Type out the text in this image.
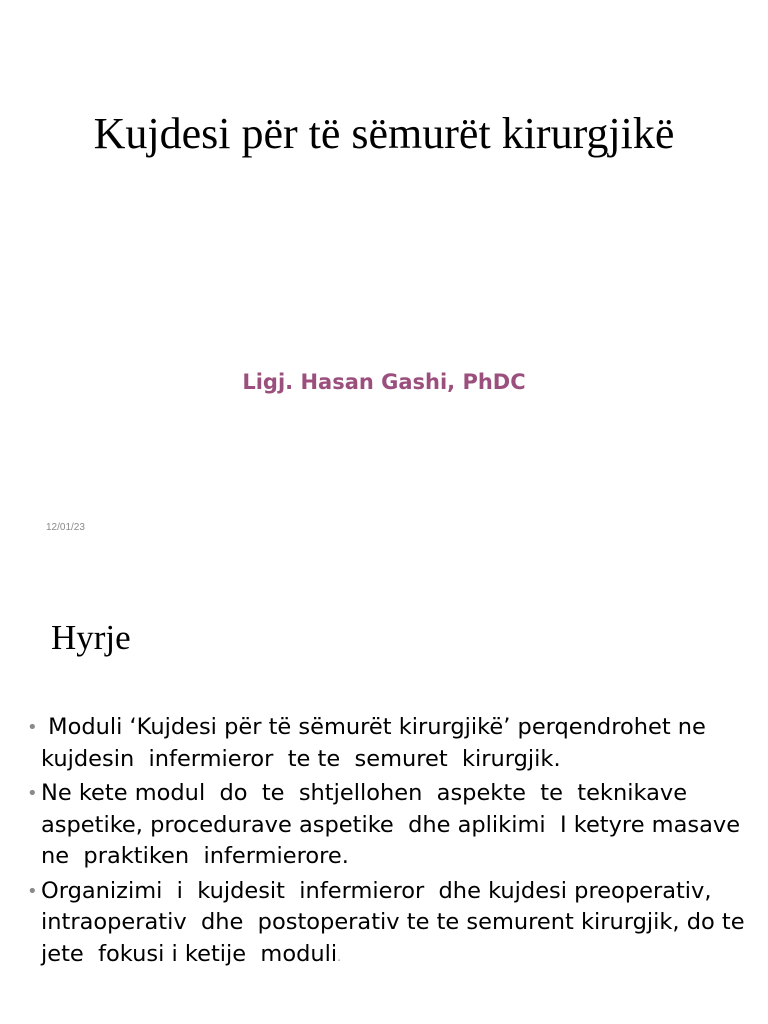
Kujdesi për të sëmurët kirurgjikë
Ligj. Hasan Gashi, PhDC
12/01/23
Hyrje
• Moduli ‘Kujdesi për të sëmurët kirurgjikë’ perqendrohet ne  kujdesin  infermieror  te te  semuret  kirurgjik.
• Ne kete modul  do  te  shtjellohen  aspekte  te  teknikave aspetike, procedurave aspetike  dhe aplikimi  I ketyre masave  ne  praktiken  infermierore.
• Organizimi  i  kujdesit  infermieror  dhe kujdesi preoperativ,  intraoperativ  dhe  postoperativ te te semurent kirurgjik, do te jete  fokusi i ketije  moduli.
